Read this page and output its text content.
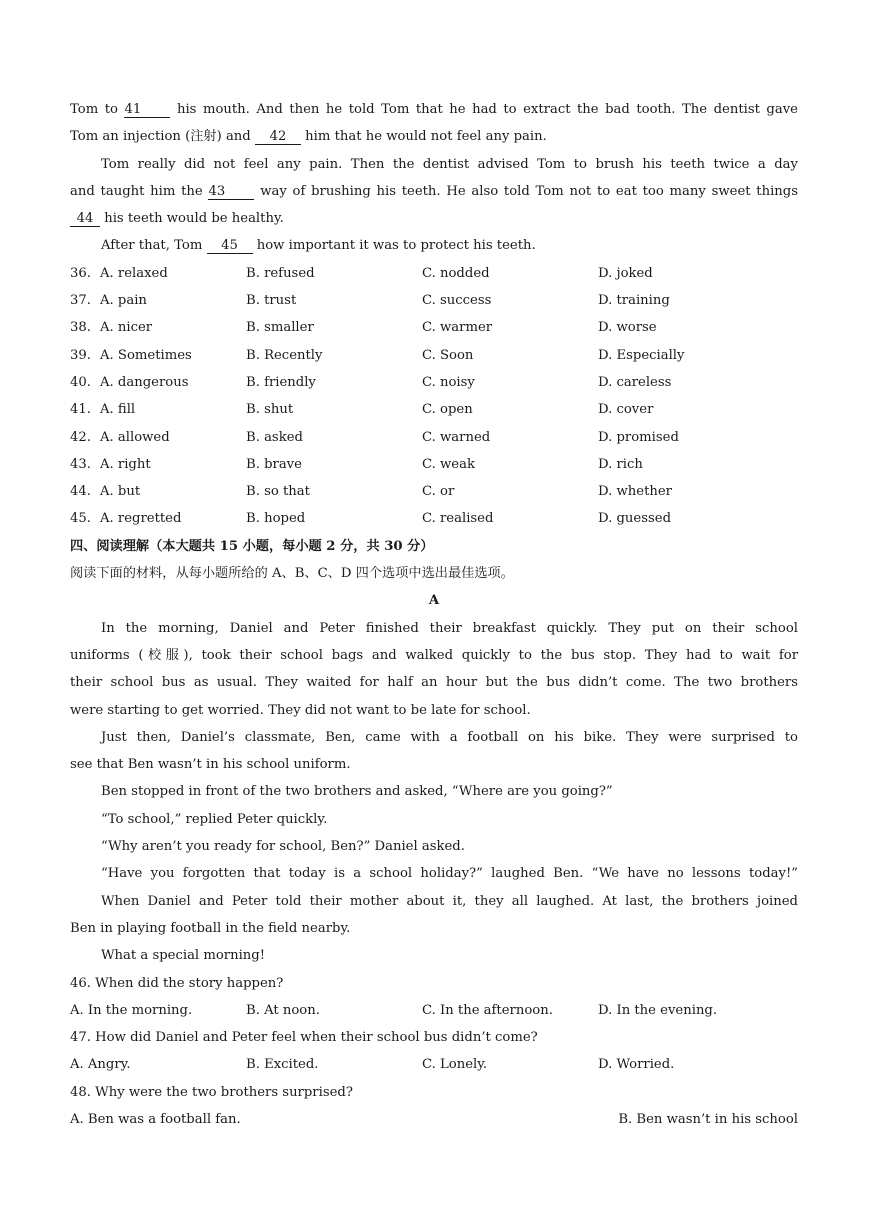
Tom to 41	his mouth. And then he told Tom that he had to extract the bad tooth. The dentist gave
Tom an injection (注射) and 42 him that he would not feel any pain.
Tom really did not feel any pain. Then the dentist advised Tom to brush his teeth twice a day
and taught him the 43	way of brushing his teeth. He also told Tom not to eat too many sweet things
44 his teeth would be healthy.
After that, Tom 45 how important it was to protect his teeth.
36. A. relaxed	B. refused	C. nodded	D. joked
37. A. pain	B. trust	C. success	D. training
38. A. nicer	B. smaller	C. warmer	D. worse
39. A. Sometimes	B. Recently	C. Soon	D. Especially
40. A. dangerous	B. friendly	C. noisy	D. careless
41. A. fill	B. shut	C. open	D. cover
42. A. allowed	B. asked	C. warned	D. promised
43. A. right	B. brave	C. weak	D. rich
44. A. but	B. so that	C. or	D. whether
45. A. regretted	B. hoped	C. realised	D. guessed
四、阅读理解（本大题共 15 小题，每小题 2 分，共 30 分）
阅读下面的材料，从每小题所给的 A、B、C、D 四个选项中选出最佳选项。
A
In the morning, Daniel and Peter finished their breakfast quickly. They put on their school
uniforms (校服), took their school bags and walked quickly to the bus stop. They had to wait for
their school bus as usual. They waited for half an hour but the bus didn’t come. The two brothers
were starting to get worried. They did not want to be late for school.
Just then, Daniel’s classmate, Ben, came with a football on his bike. They were surprised to
see that Ben wasn’t in his school uniform.
Ben stopped in front of the two brothers and asked, “Where are you going?”
“To school,” replied Peter quickly.
“Why aren’t you ready for school, Ben?” Daniel asked.
“Have you forgotten that today is a school holiday?” laughed Ben. “We have no lessons today!”
When Daniel and Peter told their mother about it, they all laughed. At last, the brothers joined
Ben in playing football in the field nearby.
What a special morning!
46. When did the story happen?
A. In the morning.	B. At noon.	C. In the afternoon.	D. In the evening.
47. How did Daniel and Peter feel when their school bus didn’t come?
A. Angry.	B. Excited.	C. Lonely.	D. Worried.
48. Why were the two brothers surprised?
A. Ben was a football fan.	B. Ben wasn’t in his school
